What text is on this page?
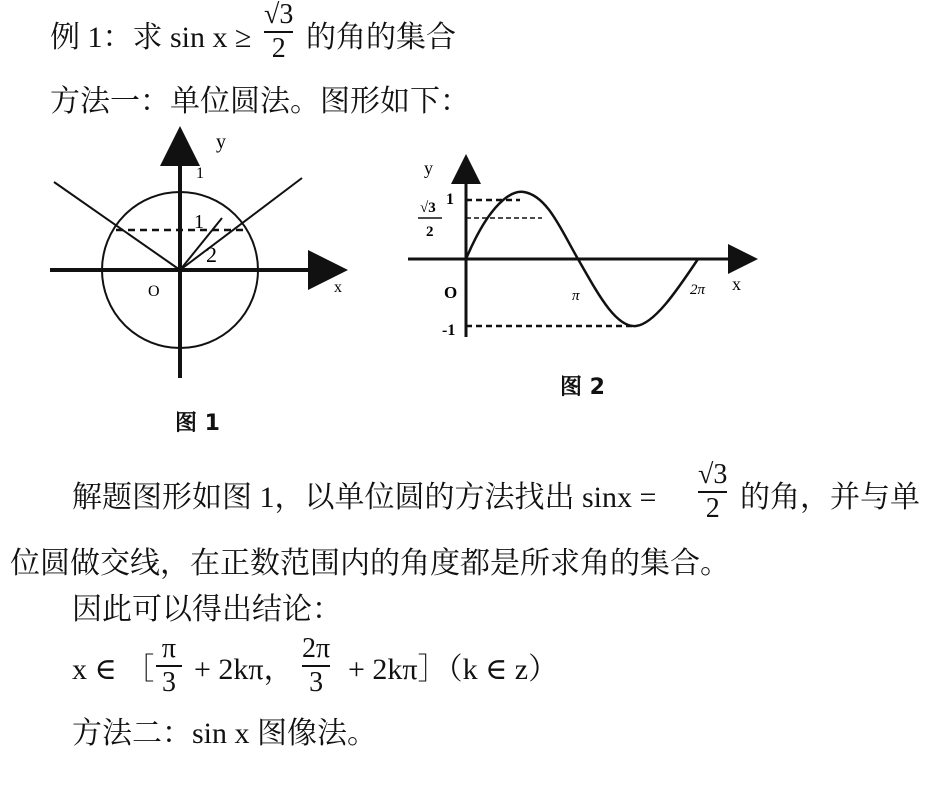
例 1：求 sin x ≥
√3
2 的角的集合
方法一：单位圆法。图形如下：
y
1
1
2
O	x
图 1
y
√3
2
1
O
-1
π	2π x
图 2
解题图形如图 1，以单位圆的方法找出 sinx =
√3
2 的角，并与单
位圆做交线，在正数范围内的角度都是所求角的集合。
因此可以得出结论：
x ∈ ［
π
3 + 2kπ，
2π
3 + 2kπ］（k ∈ z）
方法二：sin x 图像法。
